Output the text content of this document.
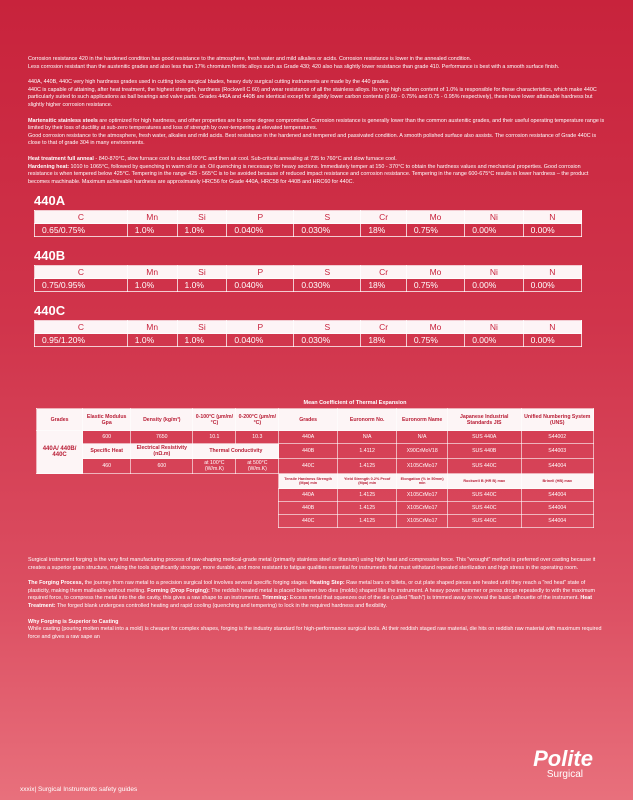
Corrosion resistance 420 in the hardened condition has good resistance to the atmosphere, fresh water and mild alkalies or acids. Corrosion resistance is lower in the annealed condition.
Less corrosion resistant than the austenitic grades and also less than 17% chromium ferritic alloys such as Grade 430; 420 also has slightly lower resistance than grade 410. Performance is best with a smooth surface finish.

440A, 440B, 440C very high hardness grades used in cutting tools surgical blades, heavy duty surgical cutting instruments are made by the 440 grades.
440C is capable of attaining, after heat treatment, the highest strength, hardness (Rockwell C 60) and wear resistance of all the stainless alloys. Its very high carbon content of 1.0% is responsible for these characteristics, which make 440C particularly suited to such applications as ball bearings and valve parts. Grades 440A and 440B are identical except for slightly lower carbon contents (0.60 - 0.75% and 0.75 - 0.95% respectively), these have lower attainable hardness but slightly higher corrosion resistance.

Martensitic stainless steels are optimized for high hardness, and other properties are to some degree compromised. Corrosion resistance is generally lower than the common austenitic grades, and their useful operating temperature range is limited by their loss of ductility at sub-zero temperatures and loss of strength by over-tempering at elevated temperatures.
Good corrosion resistance to the atmosphere, fresh water, alkalies and mild acids. Best resistance in the hardened and tempered and passivated condition. A smooth polished surface also assists. The corrosion resistance of Grade 440C is close to that of grade 304 in many environments.

Heat treatment full anneal - 840-870°C, slow furnace cool to about 600°C and then air cool. Sub-critical annealing at 735 to 760°C and slow furnace cool.
Hardening heat: 1010 to 1065°C, followed by quenching in warm oil or air. Oil quenching is necessary for heavy sections. Immediately temper at 150 - 370°C to obtain the hardness values and mechanical properties. Good corrosion resistance is when tempered below 425°C. Tempering in the range 425 - 565°C is to be avoided because of reduced impact resistance and corrosion resistance. Tempering in the range 600-675°C results in lower hardness – the product becomes machinable. Maximum achievable hardness are approximately HRC56 for Grade 440A, HRC58 for 440B and HRC60 for 440C.

440A
C	Mn	Si	P	S	Cr	Mo	Ni	N
0.65/0.75%	1.0%	1.0%	0.040%	0.030%	18%	0.75%	0.00%	0.00%
440B
C	Mn	Si	P	S	Cr	Mo	Ni	N
0.75/0.95%	1.0%	1.0%	0.040%	0.030%	18%	0.75%	0.00%	0.00%
440C
C	Mn	Si	P	S	Cr	Mo	Ni	N
0.95/1.20%	1.0%	1.0%	0.040%	0.030%	18%	0.75%	0.00%	0.00%
Mean Coefficient of Thermal Expansion
Grades	Elastic Modulus Gpa	Density (kg/m³)	0-100°C (µm/m/°C)	0-200°C (µm/m/°C)	Grades	Euronorm No.	Euronorm Name	Japanese Industrial Standards JIS	Unified Numbering System (UNS)
440A/ 440B/ 440C	600	7650	10.1	10.3	440A	N/A	N/A	SUS 440A	S44002
	Specific Heat	Electrical Resistivity (nΩ.m)	Thermal Conductivity		440B	1.4112	X90CrMoV18	SUS 440B	S44003
	460	600	at 100°C (W/m.K)	at 500°C (W/m.K)	440C	1.4125	X105CrMo17	SUS 440C	S44004
					Tensile Hardness Strength (Mpa) min	Yield Strength 0.2% Proof (Mpa) min	Elongation (% in 50mm) min	Rockwell B (HR B) max	Brinell (HB) max
					440A	1.4125	X105CrMo17	SUS 440C	S44004
					440B	1.4125	X105CrMo17	SUS 440C	S44004
					440C	1.4125	X105CrMo17	SUS 440C	S44004

Surgical instrument forging is the very first manufacturing process of raw-shaping medical-grade metal (primarily stainless steel or titanium) using high heat and compressive force. This "wrought" method is preferred over casting because it creates a superior grain structure, making the tools significantly stronger, more durable, and more resistant to fatigue qualities essential for instruments that must withstand repeated sterilization and high stress in the operating room.

The Forging Process, the journey from raw metal to a precision surgical tool involves several specific forging stages. Heating Step: Raw metal bars or billets, or cut plate shaped pieces are heated until they reach a "red heat" state of plasticity, making them malleable without melting. Forming (Drop Forging): The reddish heated metal is placed between two dies (molds) shaped like the instrument. A heavy power hammer or press drops repeatedly to with the maximum required force, to compress the metal into the die cavity, this gives a raw shape to an instruments. Trimming: Excess metal that squeezes out of the die (called "flash") is trimmed away to reveal the basic silhouette of the instrument. Heat Treatment: The forged blank undergoes controlled heating and rapid cooling (quenching and tempering) to lock in the required hardness and flexibility.

Why Forging is Superior to Casting
While casting (pouring molten metal into a mold) is cheaper for complex shapes, forging is the industry standard for high-performance surgical tools. At their reddish staged raw material, die hits on reddish raw material with maximum required force and gives a raw sape an

Polite
Surgical
xxxix| Surgical Instruments safety guides
